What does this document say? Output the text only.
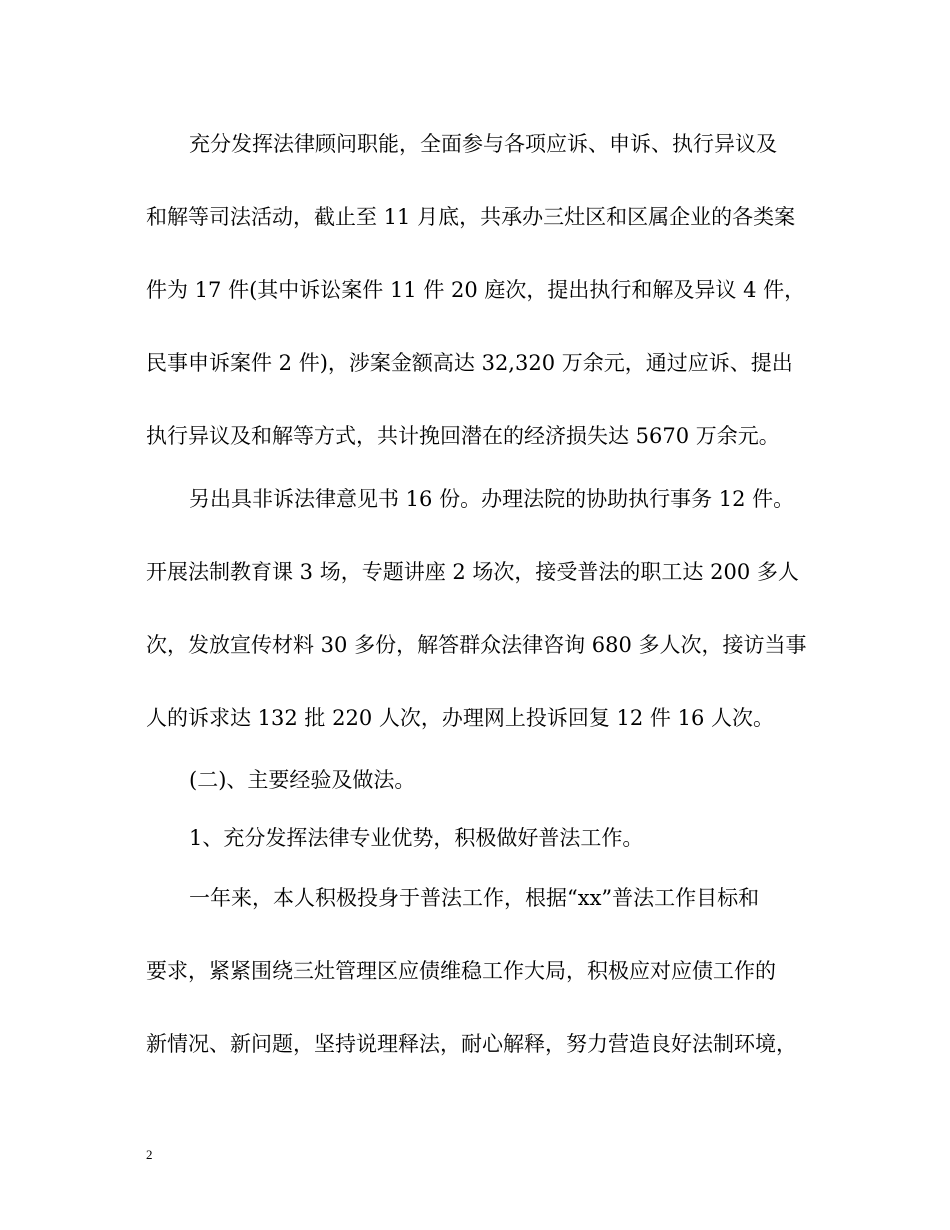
充分发挥法律顾问职能，全面参与各项应诉、申诉、执行异议及
和解等司法活动，截止至 11 月底，共承办三灶区和区属企业的各类案
件为 17 件(其中诉讼案件 11 件 20 庭次，提出执行和解及异议 4 件，
民事申诉案件 2 件)，涉案金额高达 32,320 万余元，通过应诉、提出
执行异议及和解等方式，共计挽回潜在的经济损失达 5670 万余元。
另出具非诉法律意见书 16 份。办理法院的协助执行事务 12 件。
开展法制教育课 3 场，专题讲座 2 场次，接受普法的职工达 200 多人
次，发放宣传材料 30 多份，解答群众法律咨询 680 多人次，接访当事
人的诉求达 132 批 220 人次，办理网上投诉回复 12 件 16 人次。
(二)、主要经验及做法。
1、充分发挥法律专业优势，积极做好普法工作。
一年来，本人积极投身于普法工作，根据“xx”普法工作目标和
要求，紧紧围绕三灶管理区应债维稳工作大局，积极应对应债工作的
新情况、新问题，坚持说理释法，耐心解释，努力营造良好法制环境，
2
